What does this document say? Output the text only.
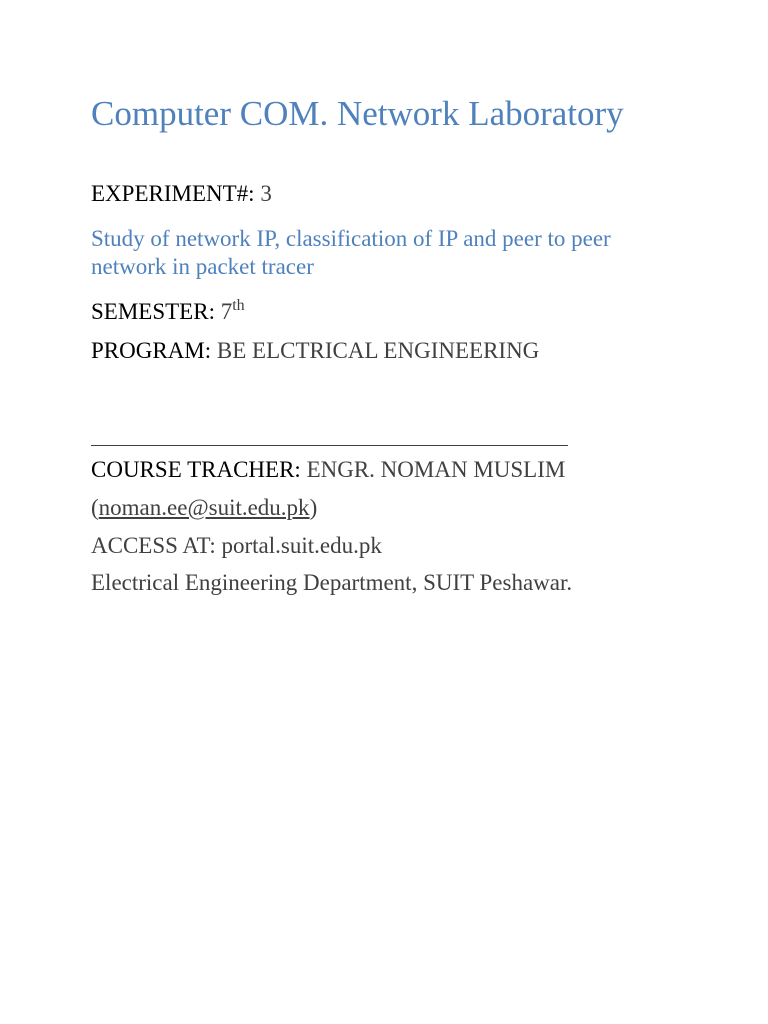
Computer COM. Network Laboratory
EXPERIMENT#: 3
Study of network IP, classification of IP and peer to peer network in packet tracer
SEMESTER: 7th
PROGRAM: BE ELCTRICAL ENGINEERING
COURSE TRACHER: ENGR. NOMAN MUSLIM
(noman.ee@suit.edu.pk)
ACCESS AT: portal.suit.edu.pk
Electrical Engineering Department, SUIT Peshawar.
